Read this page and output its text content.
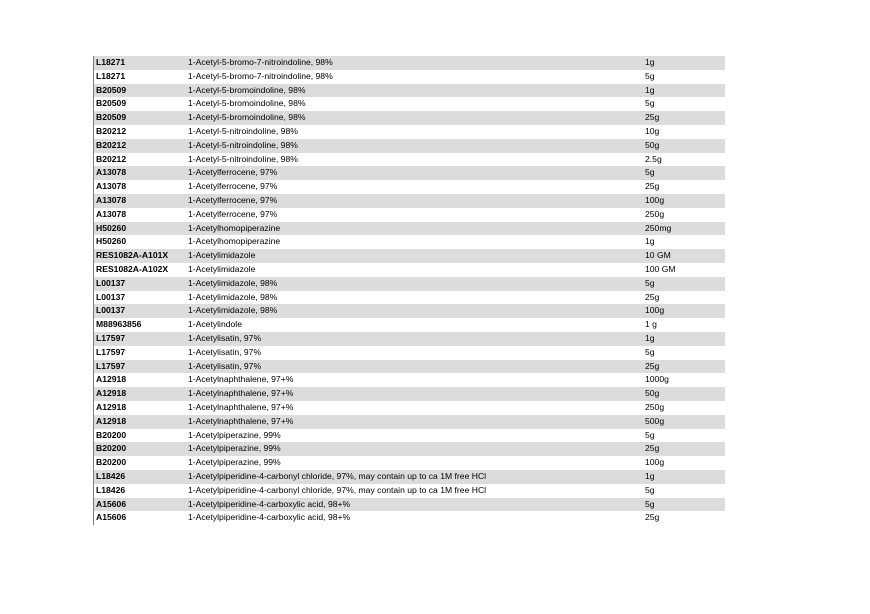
L18271	1-Acetyl-5-bromo-7-nitroindoline, 98%	1g
L18271	1-Acetyl-5-bromo-7-nitroindoline, 98%	5g
B20509	1-Acetyl-5-bromoindoline, 98%	1g
B20509	1-Acetyl-5-bromoindoline, 98%	5g
B20509	1-Acetyl-5-bromoindoline, 98%	25g
B20212	1-Acetyl-5-nitroindoline, 98%	10g
B20212	1-Acetyl-5-nitroindoline, 98%	50g
B20212	1-Acetyl-5-nitroindoline, 98%	2.5g
A13078	1-Acetylferrocene, 97%	5g
A13078	1-Acetylferrocene, 97%	25g
A13078	1-Acetylferrocene, 97%	100g
A13078	1-Acetylferrocene, 97%	250g
H50260	1-Acetylhomopiperazine	250mg
H50260	1-Acetylhomopiperazine	1g
RES1082A-A101X	1-Acetylimidazole	10 GM
RES1082A-A102X	1-Acetylimidazole	100 GM
L00137	1-Acetylimidazole, 98%	5g
L00137	1-Acetylimidazole, 98%	25g
L00137	1-Acetylimidazole, 98%	100g
M88963856	1-Acetylindole	1 g
L17597	1-Acetylisatin, 97%	1g
L17597	1-Acetylisatin, 97%	5g
L17597	1-Acetylisatin, 97%	25g
A12918	1-Acetylnaphthalene, 97+%	1000g
A12918	1-Acetylnaphthalene, 97+%	50g
A12918	1-Acetylnaphthalene, 97+%	250g
A12918	1-Acetylnaphthalene, 97+%	500g
B20200	1-Acetylpiperazine, 99%	5g
B20200	1-Acetylpiperazine, 99%	25g
B20200	1-Acetylpiperazine, 99%	100g
L18426	1-Acetylpiperidine-4-carbonyl chloride, 97%, may contain up to ca 1M free HCl	1g
L18426	1-Acetylpiperidine-4-carbonyl chloride, 97%, may contain up to ca 1M free HCl	5g
A15606	1-Acetylpiperidine-4-carboxylic acid, 98+%	5g
A15606	1-Acetylpiperidine-4-carboxylic acid, 98+%	25g
